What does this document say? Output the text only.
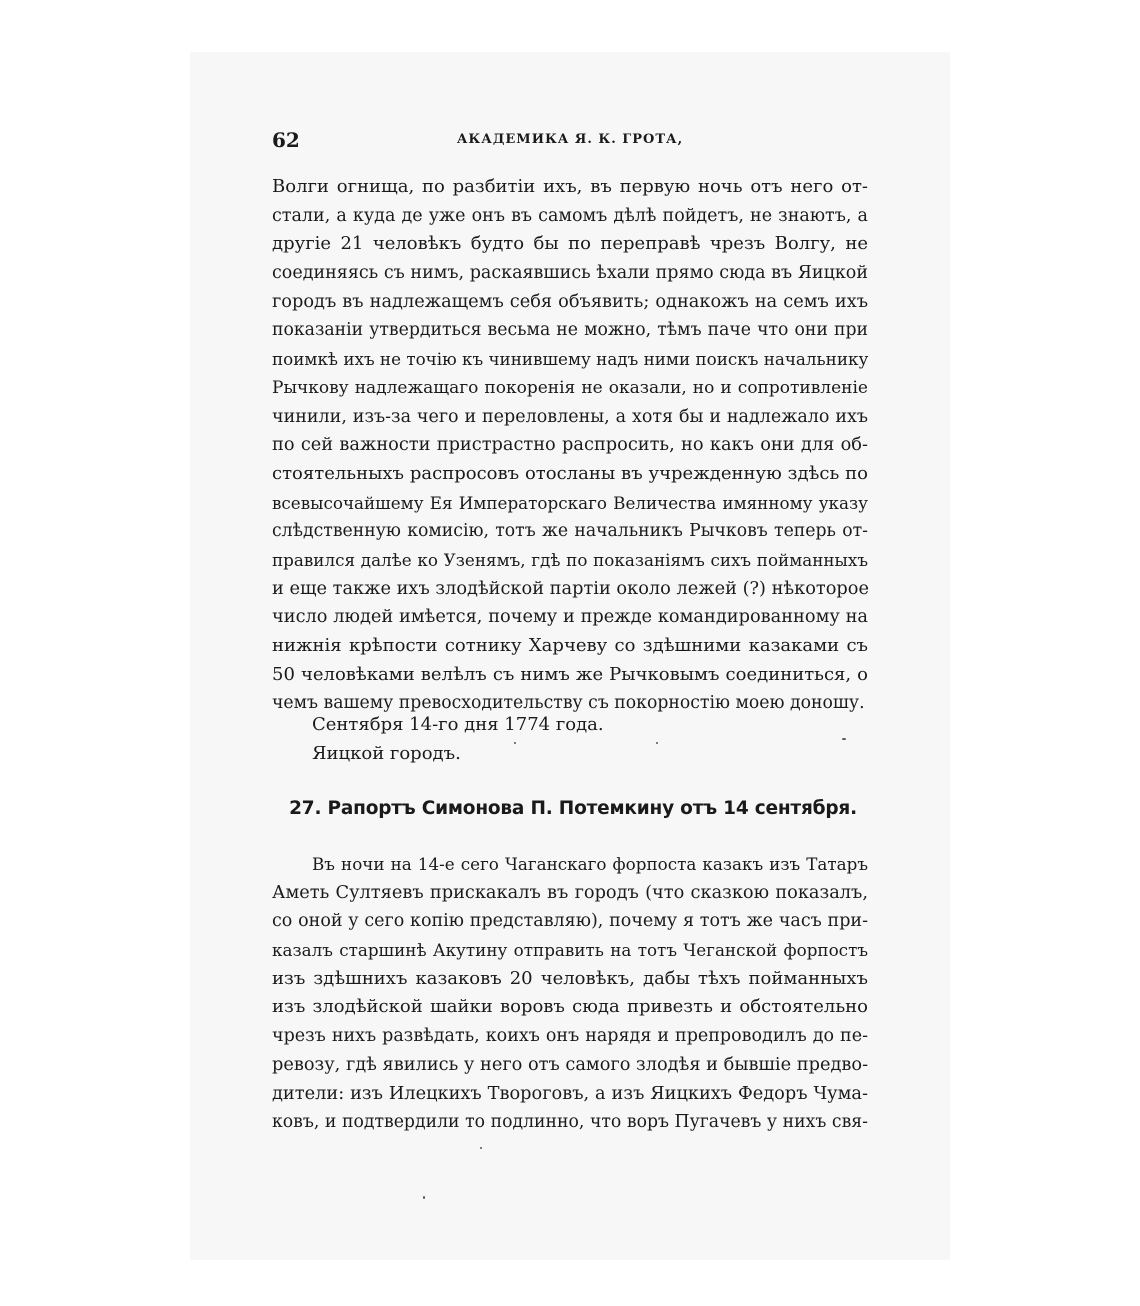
62	АКАДЕМИКА Я. К. ГРОТА,
Волги огнища, по разбитіи ихъ, въ первую ночь отъ него от-
стали, а куда де уже онъ въ самомъ дѣлѣ пойдетъ, не знаютъ, а
другіе 21 человѣкъ будто бы по переправѣ чрезъ Волгу, не
соединяясь съ нимъ, раскаявшись ѣхали прямо сюда въ Яицкой
городъ въ надлежащемъ себя объявить; однакожъ на семъ ихъ
показаніи утвердиться весьма не можно, тѣмъ паче что они при
поимкѣ ихъ не точію къ чинившему надъ ними поискъ начальнику
Рычкову надлежащаго покоренія не оказали, но и сопротивленіе
чинили, изъ-за чего и переловлены, а хотя бы и надлежало ихъ
по сей важности пристрастно распросить, но какъ они для об-
стоятельныхъ распросовъ отосланы въ учрежденную здѣсь по
всевысочайшему Ея Императорскаго Величества имянному указу
слѣдственную комисію, тотъ же начальникъ Рычковъ теперь от-
правился далѣе ко Узенямъ, гдѣ по показаніямъ сихъ пойманныхъ
и еще также ихъ злодѣйской партіи около лежей (?) нѣкоторое
число людей имѣется, почему и прежде командированному на
нижнія крѣпости сотнику Харчеву со здѣшними казаками съ
50 человѣками велѣлъ съ нимъ же Рычковымъ соединиться, о
чемъ вашему превосходительству съ покорностію моею доношу.
Сентября 14-го дня 1774 года.
Яицкой городъ.
27. Рапортъ Симонова П. Потемкину отъ 14 сентября.
Въ ночи на 14-е сего Чаганскаго форпоста казакъ изъ Татаръ
Аметь Султяевъ прискакалъ въ городъ (что сказкою показалъ,
со оной у сего копію представляю), почему я тотъ же часъ при-
казалъ старшинѣ Акутину отправить на тотъ Чеганской форпостъ
изъ здѣшнихъ казаковъ 20 человѣкъ, дабы тѣхъ пойманныхъ
изъ злодѣйской шайки воровъ сюда привезть и обстоятельно
чрезъ нихъ развѣдать, коихъ онъ нарядя и препроводилъ до пе-
ревозу, гдѣ явились у него отъ самого злодѣя и бывшіе предво-
дители: изъ Илецкихъ Твороговъ, а изъ Яицкихъ Федоръ Чума-
ковъ, и подтвердили то подлинно, что воръ Пугачевъ у нихъ свя-
